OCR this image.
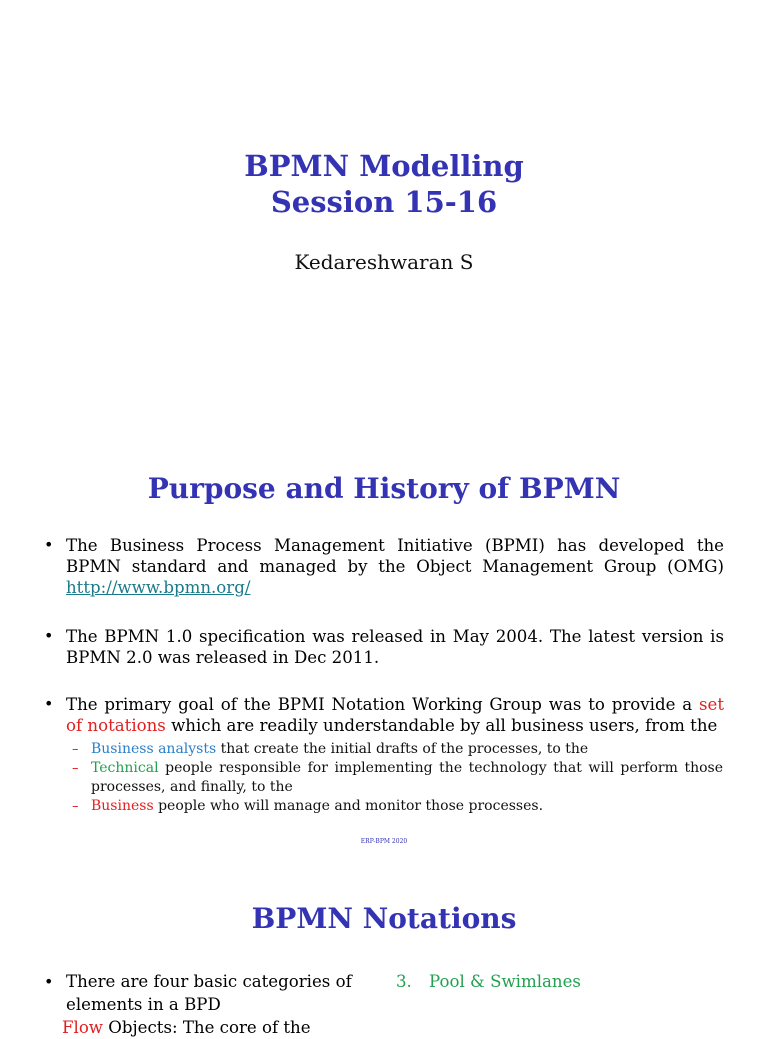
BPMN Modelling
Session 15-16
Kedareshwaran S
Purpose and History of BPMN
• The Business Process Management Initiative (BPMI) has developed the BPMN standard and managed by the Object Management Group (OMG) http://www.bpmn.org/
• The BPMN 1.0 specification was released in May 2004. The latest version is BPMN 2.0 was released in Dec 2011.
• The primary goal of the BPMI Notation Working Group was to provide a set of notations which are readily understandable by all business users, from the
– Business analysts that create the initial drafts of the processes, to the
– Technical people responsible for implementing the technology that will perform those processes, and finally, to the
– Business people who will manage and monitor those processes.
ERP-BPM 2020
BPMN Notations
• There are four basic categories of elements in a BPD
Flow Objects: The core of the
3. Pool & Swimlanes
